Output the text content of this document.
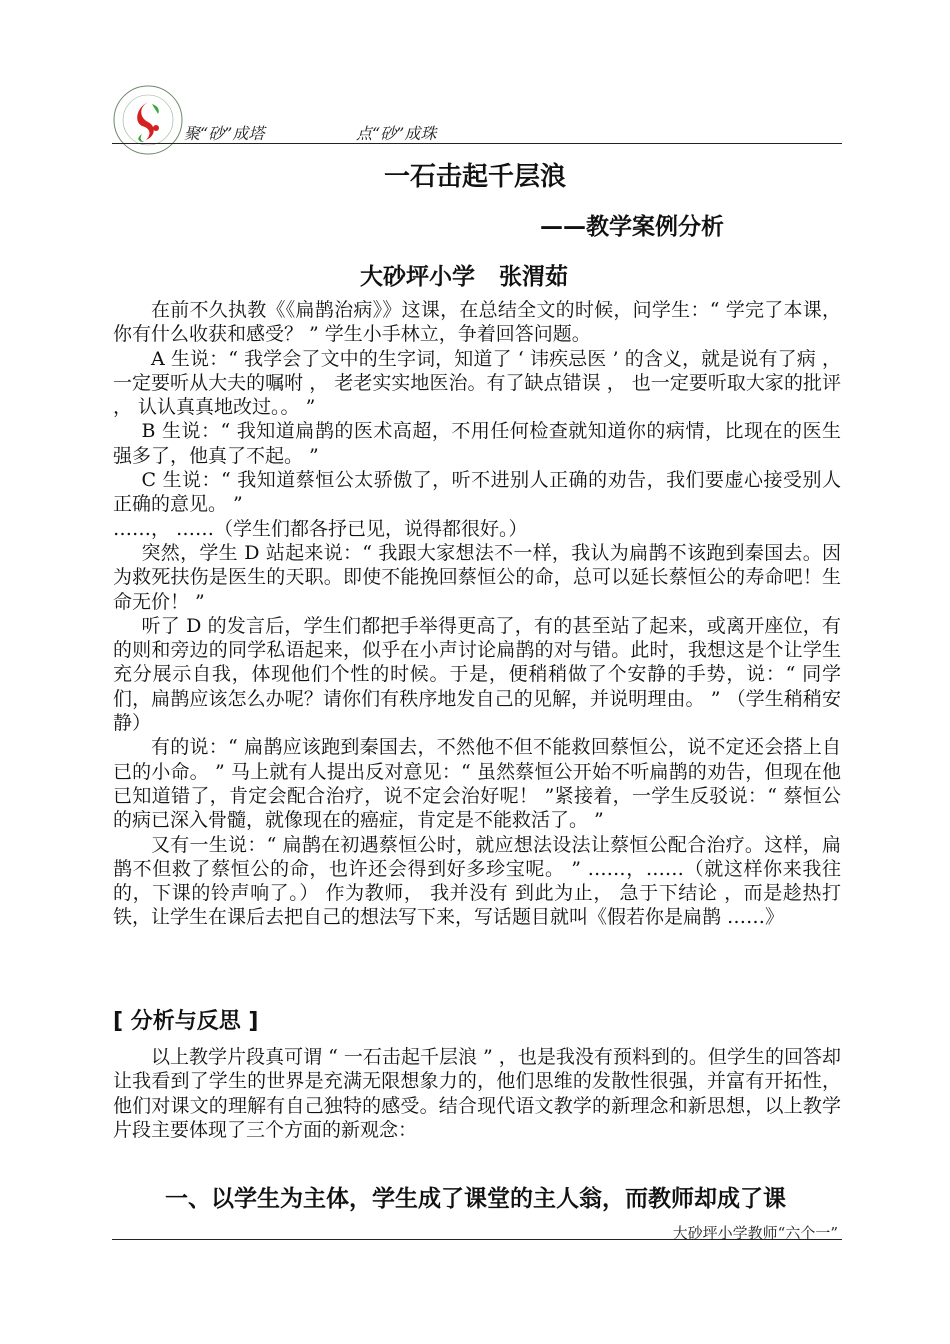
聚“砂”成塔	点“砂”成珠
一石击起千层浪
——教学案例分析
大砂坪小学   张渭茹

在前不久执教《《扁鹊治病》》这课，在总结全文的时候，问学生：“ 学完了本课，你有什么收获和感受？ ” 学生小手林立，争着回答问题。

A 生说：“ 我学会了文中的生字词，知道了 ‘ 讳疾忌医 ’ 的含义，就是说有了病 ， 一定要听从大夫的嘱咐 ， 老老实实地医治。有了缺点错误 ， 也一定要听取大家的批评 ， 认认真真地改过。。 ”

B 生说：“ 我知道扁鹊的医术高超，不用任何检查就知道你的病情，比现在的医生强多了，他真了不起。 ”

C 生说：“ 我知道蔡恒公太骄傲了，听不进别人正确的劝告，我们要虚心接受别人正确的意见。 ”

……， ……（学生们都各抒已见，说得都很好。）

突然，学生 D 站起来说：“ 我跟大家想法不一样，我认为扁鹊不该跑到秦国去。因为救死扶伤是医生的天职。即使不能挽回蔡恒公的命，总可以延长蔡恒公的寿命吧！生命无价！ ”

听了 D 的发言后，学生们都把手举得更高了，有的甚至站了起来，或离开座位，有的则和旁边的同学私语起来，似乎在小声讨论扁鹊的对与错。此时，我想这是个让学生充分展示自我，体现他们个性的时候。于是，便稍稍做了个安静的手势，说：“ 同学们，扁鹊应该怎么办呢？请你们有秩序地发自己的见解，并说明理由。 ” （学生稍稍安静）

有的说：“ 扁鹊应该跑到秦国去，不然他不但不能救回蔡恒公，说不定还会搭上自已的小命。 ” 马上就有人提出反对意见：“ 虽然蔡恒公开始不听扁鹊的劝告，但现在他已知道错了，肯定会配合治疗，说不定会治好呢！ ”紧接着，一学生反驳说：“ 蔡恒公的病已深入骨髓，就像现在的癌症，肯定是不能救活了。 ”

又有一生说：“ 扁鹊在初遇蔡恒公时，就应想法设法让蔡恒公配合治疗。这样，扁鹊不但救了蔡恒公的命，也许还会得到好多珍宝呢。 ” ……，……（就这样你来我往的，下课的铃声响了。） 作为教师， 我并没有 到此为止， 急于下结论 ，而是趁热打铁，让学生在课后去把自己的想法写下来，写话题目就叫《假若你是扁鹊 ……》

[ 分析与反思 ]

以上教学片段真可谓 “ 一石击起千层浪 ” ，也是我没有预料到的。但学生的回答却让我看到了学生的世界是充满无限想象力的，他们思维的发散性很强，并富有开拓性，他们对课文的理解有自己独特的感受。结合现代语文教学的新理念和新思想，以上教学片段主要体现了三个方面的新观念：

一、以学生为主体，学生成了课堂的主人翁，而教师却成了课
大砂坪小学教师“六个一”
